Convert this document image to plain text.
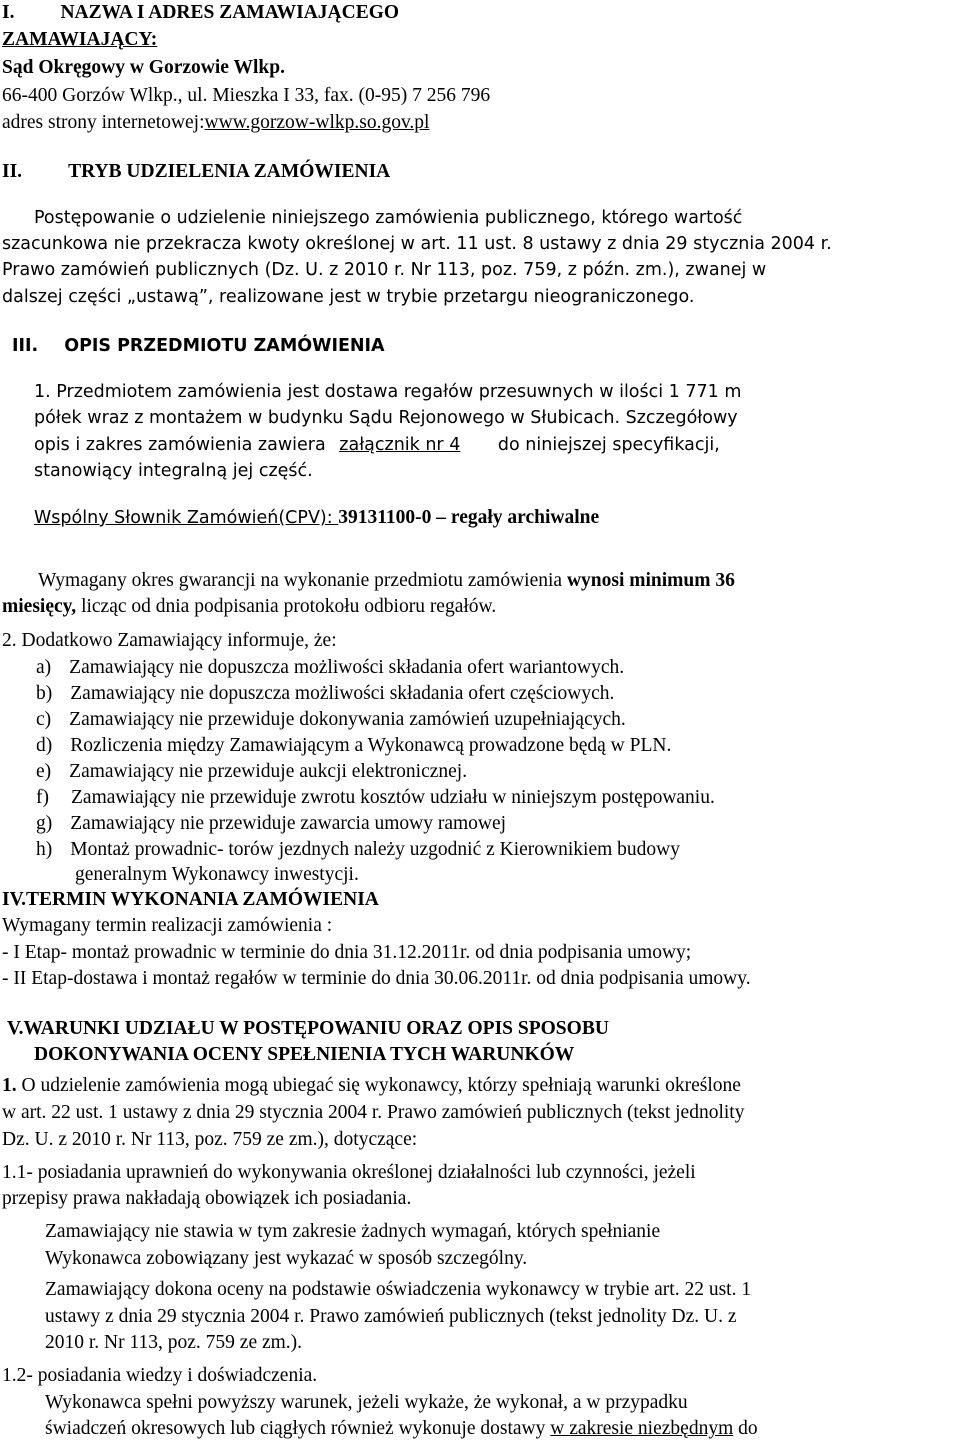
I. NAZWA I ADRES ZAMAWIAJĄCEGO
ZAMAWIAJĄCY:
Sąd Okręgowy w Gorzowie Wlkp.
66-400 Gorzów Wlkp., ul. Mieszka I 33, fax. (0-95) 7 256 796
adres strony internetowej:www.gorzow-wlkp.so.gov.pl
II. TRYB UDZIELENIA ZAMÓWIENIA
Postępowanie o udzielenie niniejszego zamówienia publicznego, którego wartość
szacunkowa nie przekracza kwoty określonej w art. 11 ust. 8 ustawy z dnia 29 stycznia 2004 r.
Prawo zamówień publicznych (Dz. U. z 2010 r. Nr 113, poz. 759, z późn. zm.), zwanej w
dalszej części „ustawą”, realizowane jest w trybie przetargu nieograniczonego.
III. OPIS PRZEDMIOTU ZAMÓWIENIA
1. Przedmiotem zamówienia jest dostawa regałów przesuwnych w ilości 1 771 m
półek wraz z montażem w budynku Sądu Rejonowego w Słubicach. Szczegółowy
opis i zakres zamówienia zawiera załącznik nr 4 do niniejszej specyfikacji,
stanowiący integralną jej część.
Wspólny Słownik Zamówień(CPV): 39131100-0 – regały archiwalne
Wymagany okres gwarancji na wykonanie przedmiotu zamówienia wynosi minimum 36
miesięcy, licząc od dnia podpisania protokołu odbioru regałów.
2. Dodatkowo Zamawiający informuje, że:
a) Zamawiający nie dopuszcza możliwości składania ofert wariantowych.
b) Zamawiający nie dopuszcza możliwości składania ofert częściowych.
c) Zamawiający nie przewiduje dokonywania zamówień uzupełniających.
d) Rozliczenia między Zamawiającym a Wykonawcą prowadzone będą w PLN.
e) Zamawiający nie przewiduje aukcji elektronicznej.
f) Zamawiający nie przewiduje zwrotu kosztów udziału w niniejszym postępowaniu.
g) Zamawiający nie przewiduje zawarcia umowy ramowej
h) Montaż prowadnic- torów jezdnych należy uzgodnić z Kierownikiem budowy
generalnym Wykonawcy inwestycji.
IV.TERMIN WYKONANIA ZAMÓWIENIA
Wymagany termin realizacji zamówienia :
- I Etap- montaż prowadnic w terminie do dnia 31.12.2011r. od dnia podpisania umowy;
- II Etap-dostawa i montaż regałów w terminie do dnia 30.06.2011r. od dnia podpisania umowy.
V.WARUNKI UDZIAŁU W POSTĘPOWANIU ORAZ OPIS SPOSOBU
DOKONYWANIA OCENY SPEŁNIENIA TYCH WARUNKÓW
1. O udzielenie zamówienia mogą ubiegać się wykonawcy, którzy spełniają warunki określone
w art. 22 ust. 1 ustawy z dnia 29 stycznia 2004 r. Prawo zamówień publicznych (tekst jednolity
Dz. U. z 2010 r. Nr 113, poz. 759 ze zm.), dotyczące:
1.1- posiadania uprawnień do wykonywania określonej działalności lub czynności, jeżeli
przepisy prawa nakładają obowiązek ich posiadania.
Zamawiający nie stawia w tym zakresie żadnych wymagań, których spełnianie
Wykonawca zobowiązany jest wykazać w sposób szczególny.
Zamawiający dokona oceny na podstawie oświadczenia wykonawcy w trybie art. 22 ust. 1
ustawy z dnia 29 stycznia 2004 r. Prawo zamówień publicznych (tekst jednolity Dz. U. z
2010 r. Nr 113, poz. 759 ze zm.).
1.2- posiadania wiedzy i doświadczenia.
Wykonawca spełni powyższy warunek, jeżeli wykaże, że wykonał, a w przypadku
świadczeń okresowych lub ciągłych również wykonuje dostawy w zakresie niezbędnym do
